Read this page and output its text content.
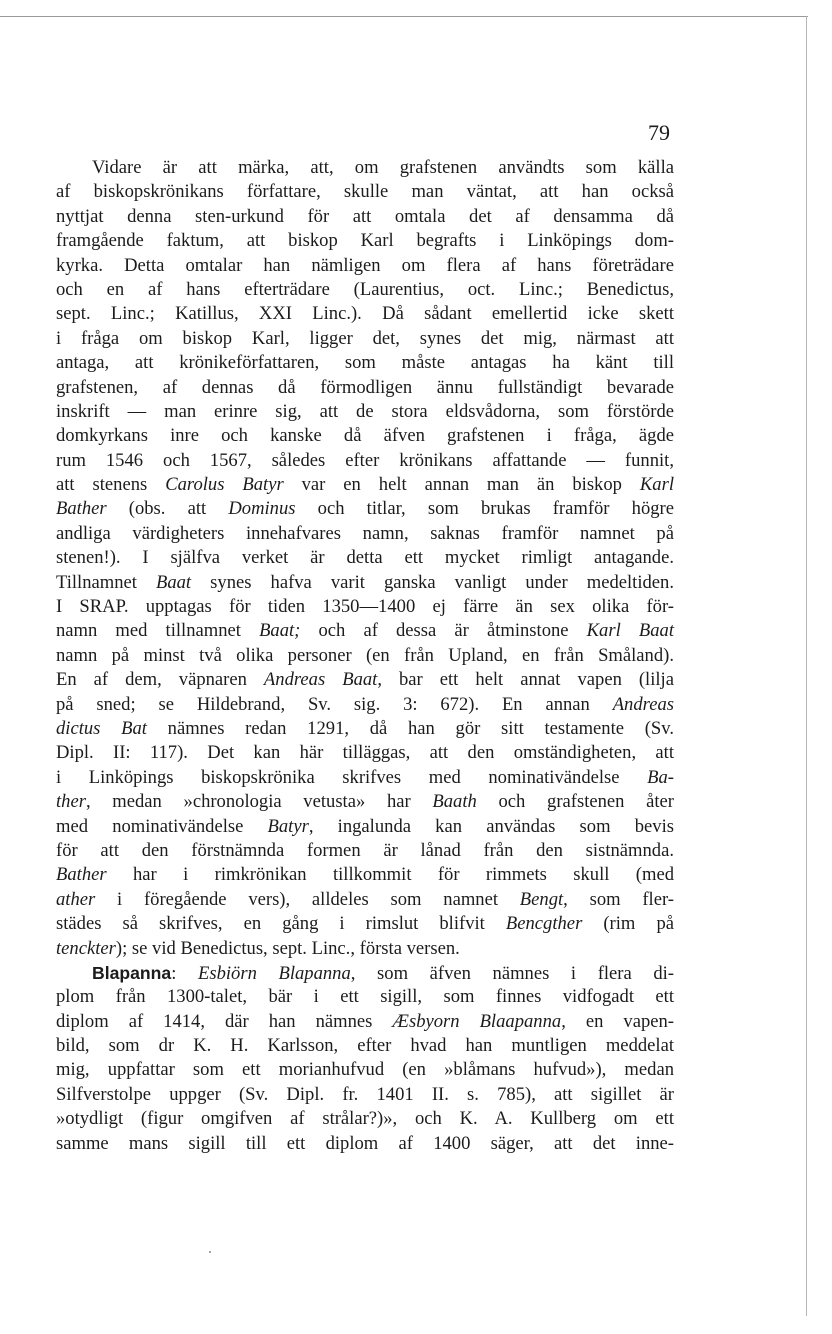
79
Vidare är att märka, att, om grafstenen användts som källa
af biskopskrönikans författare, skulle man väntat, att han också
nyttjat denna sten-urkund för att omtala det af densamma då
framgående faktum, att biskop Karl begrafts i Linköpings dom-
kyrka. Detta omtalar han nämligen om flera af hans företrädare
och en af hans efterträdare (Laurentius, oct. Linc.; Benedictus,
sept. Linc.; Katillus, XXI Linc.). Då sådant emellertid icke skett
i fråga om biskop Karl, ligger det, synes det mig, närmast att
antaga, att krönikeförfattaren, som måste antagas ha känt till
grafstenen, af dennas då förmodligen ännu fullständigt bevarade
inskrift — man erinre sig, att de stora eldsvådorna, som förstörde
domkyrkans inre och kanske då äfven grafstenen i fråga, ägde
rum 1546 och 1567, således efter krönikans affattande — funnit,
att stenens Carolus Batyr var en helt annan man än biskop Karl
Bather (obs. att Dominus och titlar, som brukas framför högre
andliga värdigheters innehafvares namn, saknas framför namnet på
stenen!). I själfva verket är detta ett mycket rimligt antagande.
Tillnamnet Baat synes hafva varit ganska vanligt under medeltiden.
I SRAP. upptagas för tiden 1350—1400 ej färre än sex olika för-
namn med tillnamnet Baat; och af dessa är åtminstone Karl Baat
namn på minst två olika personer (en från Upland, en från Småland).
En af dem, väpnaren Andreas Baat, bar ett helt annat vapen (lilja
på sned; se Hildebrand, Sv. sig. 3: 672). En annan Andreas
dictus Bat nämnes redan 1291, då han gör sitt testamente (Sv.
Dipl. II: 117). Det kan här tilläggas, att den omständigheten, att
i Linköpings biskopskrönika skrifves med nominativändelse Ba-
ther, medan »chronologia vetusta» har Baath och grafstenen åter
med nominativändelse Batyr, ingalunda kan användas som bevis
för att den förstnämnda formen är lånad från den sistnämnda.
Bather har i rimkrönikan tillkommit för rimmets skull (med
ather i föregående vers), alldeles som namnet Bengt, som fler-
städes så skrifves, en gång i rimslut blifvit Bencgther (rim på
tenckter); se vid Benedictus, sept. Linc., första versen.
Blapanna: Esbiörn Blapanna, som äfven nämnes i flera di-
plom från 1300-talet, bär i ett sigill, som finnes vidfogadt ett
diplom af 1414, där han nämnes Æsbyorn Blaapanna, en vapen-
bild, som dr K. H. Karlsson, efter hvad han muntligen meddelat
mig, uppfattar som ett morianhufvud (en »blåmans hufvud»), medan
Silfverstolpe uppger (Sv. Dipl. fr. 1401 II. s. 785), att sigillet är
»otydligt (figur omgifven af strålar?)», och K. A. Kullberg om ett
samme mans sigill till ett diplom af 1400 säger, att det inne-
